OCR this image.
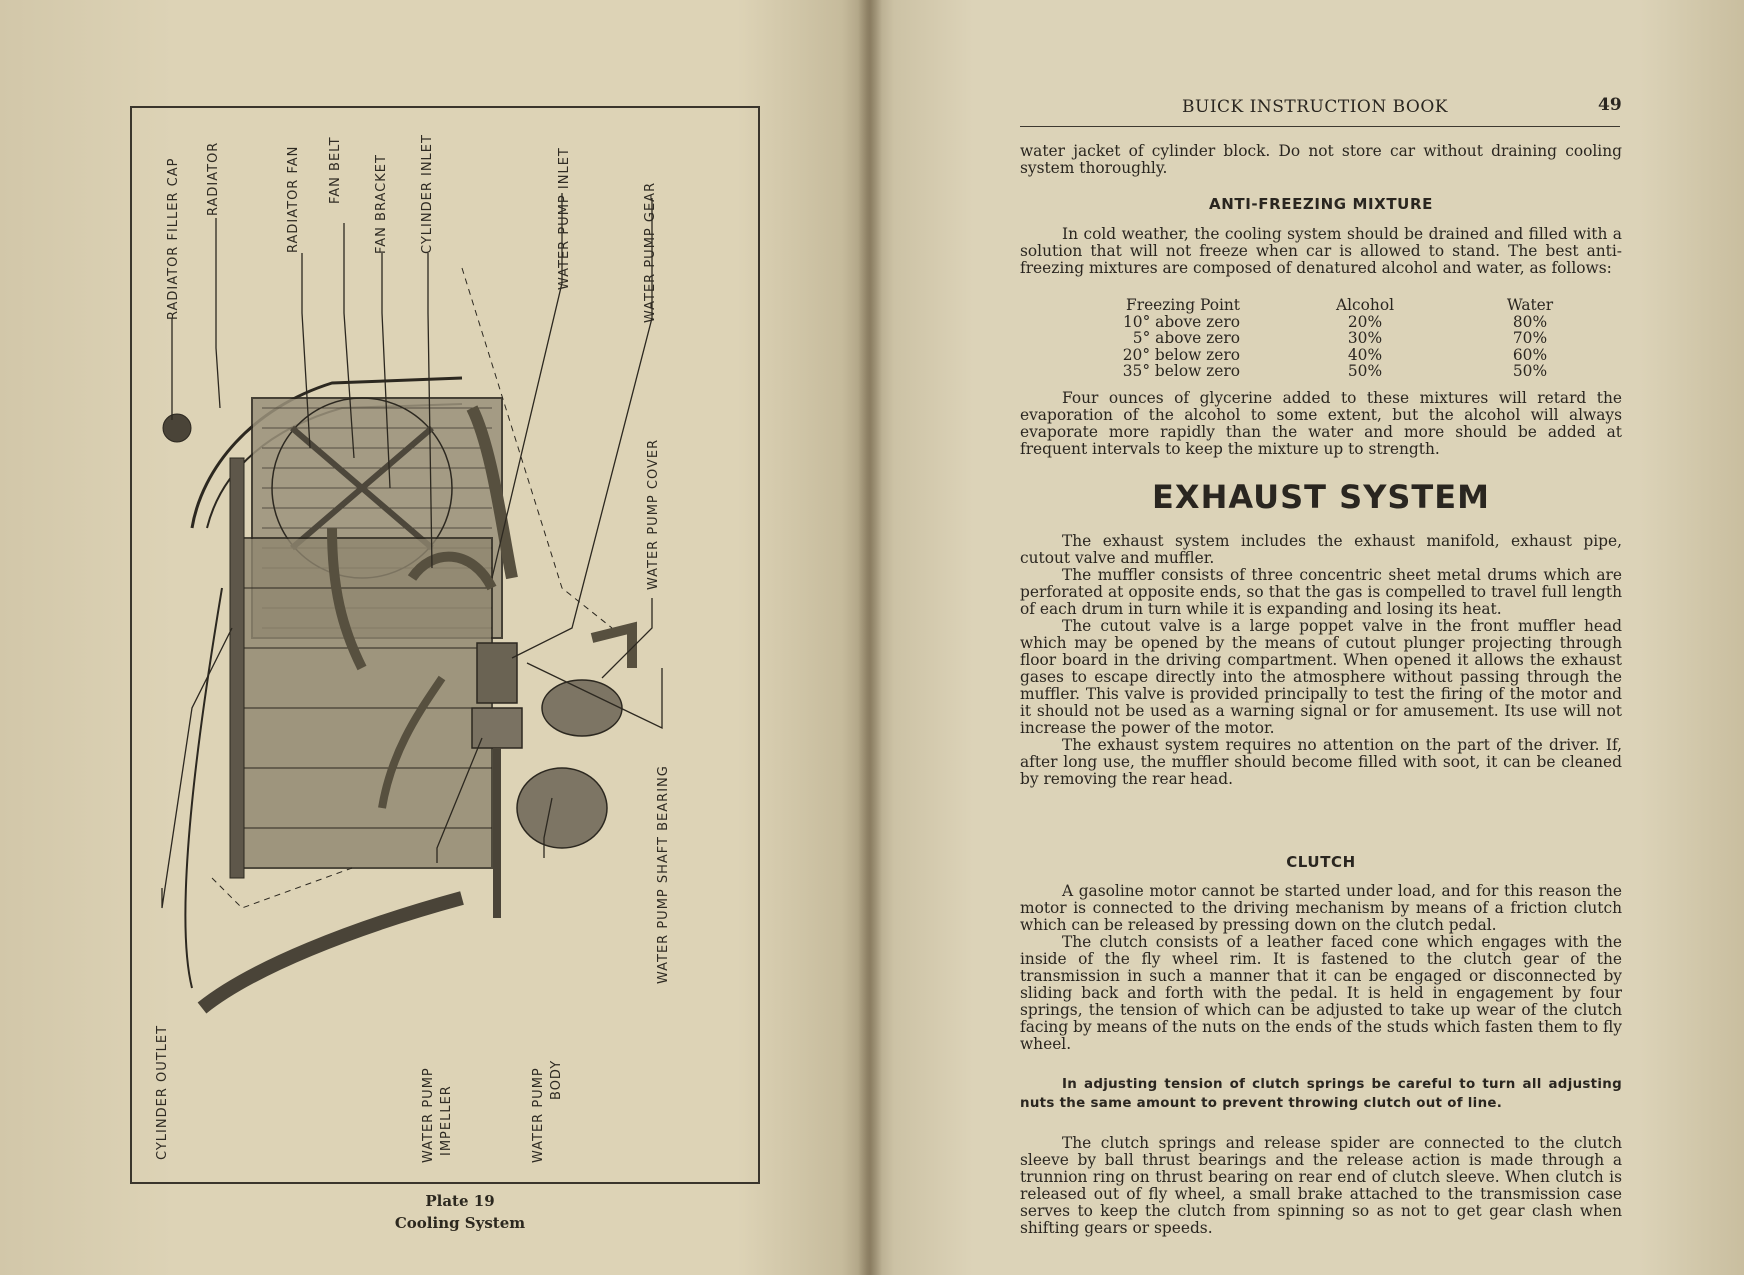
RADIATOR FILLER CAP RADIATOR	RADIATOR FAN FAN BELT FAN BRACKET CYLINDER INLET	WATER PUMP INLET	WATER PUMP GEAR
WATER PUMP COVER
WATER PUMP SHAFT BEARING
CYLINDER OUTLET	WATER PUMP IMPELLER	WATER PUMP BODY
Plate 19
Cooling System
BUICK INSTRUCTION BOOK	49

water jacket of cylinder block. Do not store car without draining cooling system thoroughly.

ANTI-FREEZING MIXTURE

In cold weather, the cooling system should be drained and filled with a solution that will not freeze when car is allowed to stand. The best anti-freezing mixtures are composed of denatured alcohol and water, as follows:

Freezing Point	Alcohol	Water
10° above zero	20%	80%
5° above zero	30%	70%
20° below zero	40%	60%
35° below zero	50%	50%

Four ounces of glycerine added to these mixtures will retard the evaporation of the alcohol to some extent, but the alcohol will always evaporate more rapidly than the water and more should be added at frequent intervals to keep the mixture up to strength.

EXHAUST SYSTEM

The exhaust system includes the exhaust manifold, exhaust pipe, cutout valve and muffler.

The muffler consists of three concentric sheet metal drums which are perforated at opposite ends, so that the gas is compelled to travel full length of each drum in turn while it is expanding and losing its heat.

The cutout valve is a large poppet valve in the front muffler head which may be opened by the means of cutout plunger projecting through floor board in the driving compartment. When opened it allows the exhaust gases to escape directly into the atmosphere without passing through the muffler. This valve is provided principally to test the firing of the motor and it should not be used as a warning signal or for amusement. Its use will not increase the power of the motor.

The exhaust system requires no attention on the part of the driver. If, after long use, the muffler should become filled with soot, it can be cleaned by removing the rear head.

CLUTCH

A gasoline motor cannot be started under load, and for this reason the motor is connected to the driving mechanism by means of a friction clutch which can be released by pressing down on the clutch pedal.

The clutch consists of a leather faced cone which engages with the inside of the fly wheel rim. It is fastened to the clutch gear of the transmission in such a manner that it can be engaged or disconnected by sliding back and forth with the pedal. It is held in engagement by four springs, the tension of which can be adjusted to take up wear of the clutch facing by means of the nuts on the ends of the studs which fasten them to fly wheel.

In adjusting tension of clutch springs be careful to turn all adjusting nuts the same amount to prevent throwing clutch out of line.

The clutch springs and release spider are connected to the clutch sleeve by ball thrust bearings and the release action is made through a trunnion ring on thrust bearing on rear end of clutch sleeve. When clutch is released out of fly wheel, a small brake attached to the transmission case serves to keep the clutch from spinning so as not to get gear clash when shifting gears or speeds.
